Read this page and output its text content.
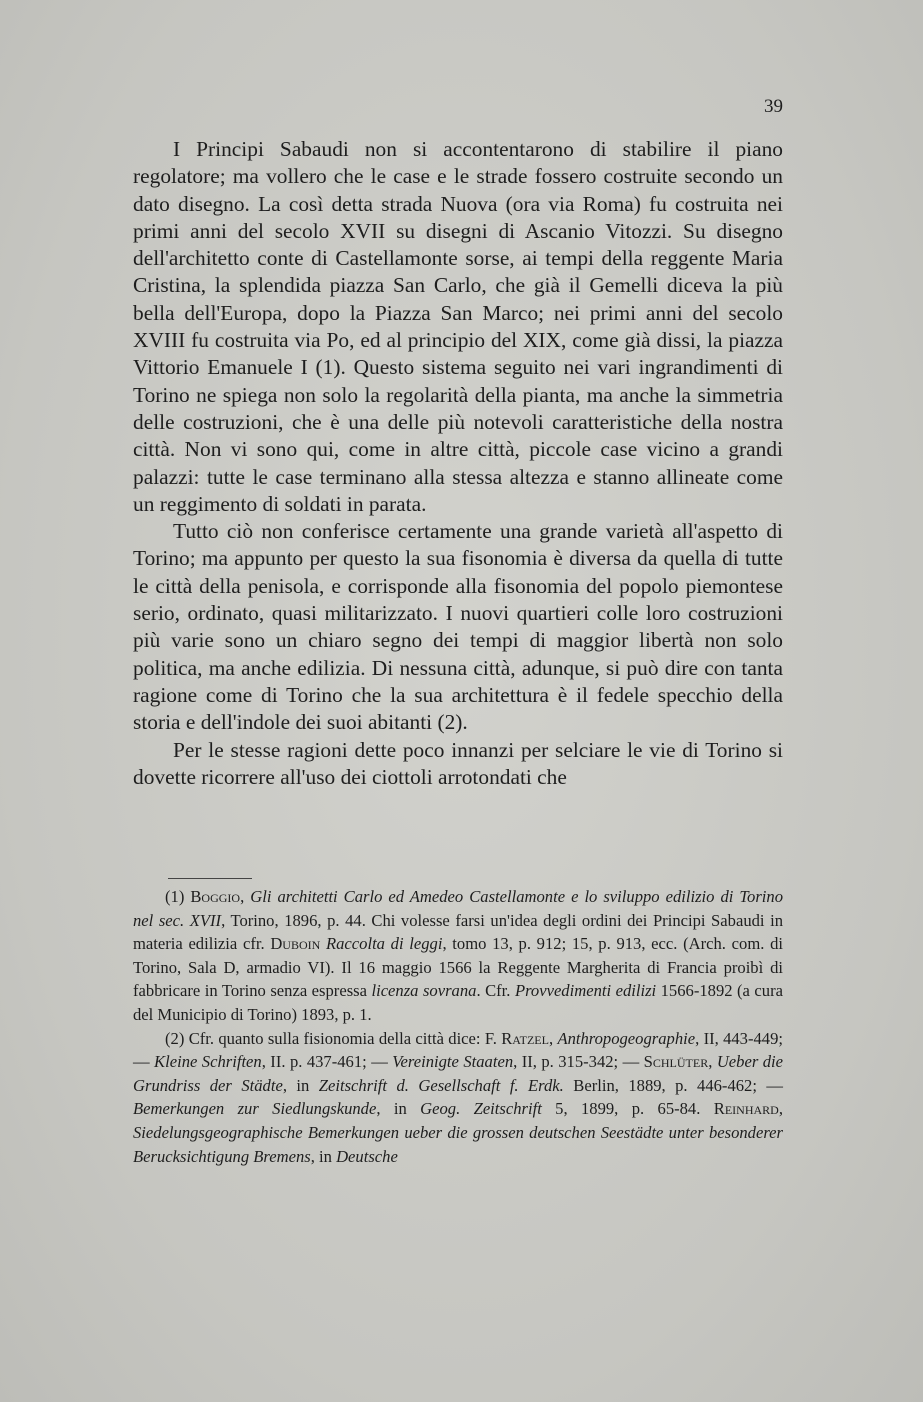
39

I Principi Sabaudi non si accontentarono di stabilire il piano regolatore; ma vollero che le case e le strade fossero costruite secondo un dato disegno. La così detta strada Nuova (ora via Roma) fu costruita nei primi anni del secolo XVII su disegni di Ascanio Vitozzi. Su disegno dell'architetto conte di Castellamonte sorse, ai tempi della reggente Maria Cristina, la splendida piazza San Carlo, che già il Gemelli diceva la più bella dell'Europa, dopo la Piazza San Marco; nei primi anni del secolo XVIII fu costruita via Po, ed al principio del XIX, come già dissi, la piazza Vittorio Emanuele I (1). Questo sistema seguito nei vari ingrandimenti di Torino ne spiega non solo la regolarità della pianta, ma anche la simmetria delle costruzioni, che è una delle più notevoli caratteristiche della nostra città. Non vi sono qui, come in altre città, piccole case vicino a grandi palazzi: tutte le case terminano alla stessa altezza e stanno allineate come un reggimento di soldati in parata.

Tutto ciò non conferisce certamente una grande varietà all'aspetto di Torino; ma appunto per questo la sua fisonomia è diversa da quella di tutte le città della penisola, e corrisponde alla fisonomia del popolo piemontese serio, ordinato, quasi militarizzato. I nuovi quartieri colle loro costruzioni più varie sono un chiaro segno dei tempi di maggior libertà non solo politica, ma anche edilizia. Di nessuna città, adunque, si può dire con tanta ragione come di Torino che la sua architettura è il fedele specchio della storia e dell'indole dei suoi abitanti (2).

Per le stesse ragioni dette poco innanzi per selciare le vie di Torino si dovette ricorrere all'uso dei ciottoli arrotondati che

(1) Boggio, Gli architetti Carlo ed Amedeo Castellamonte e lo sviluppo edilizio di Torino nel sec. XVII, Torino, 1896, p. 44. Chi volesse farsi un'idea degli ordini dei Principi Sabaudi in materia edilizia cfr. Duboin Raccolta di leggi, tomo 13, p. 912; 15, p. 913, ecc. (Arch. com. di Torino, Sala D, armadio VI). Il 16 maggio 1566 la Reggente Margherita di Francia proibì di fabbricare in Torino senza espressa licenza sovrana. Cfr. Provvedimenti edilizi 1566-1892 (a cura del Municipio di Torino) 1893, p. 1.

(2) Cfr. quanto sulla fisionomia della città dice: F. Ratzel, Anthropogeographie, II, 443-449; — Kleine Schriften, II. p. 437-461; — Vereinigte Staaten, II, p. 315-342; — Schlüter, Ueber die Grundriss der Städte, in Zeitschrift d. Gesellschaft f. Erdk. Berlin, 1889, p. 446-462; — Bemerkungen zur Siedlungskunde, in Geog. Zeitschrift 5, 1899, p. 65-84. Reinhard, Siedelungsgeographische Bemerkungen ueber die grossen deutschen Seestädte unter besonderer Berucksichtigung Bremens, in Deutsche
